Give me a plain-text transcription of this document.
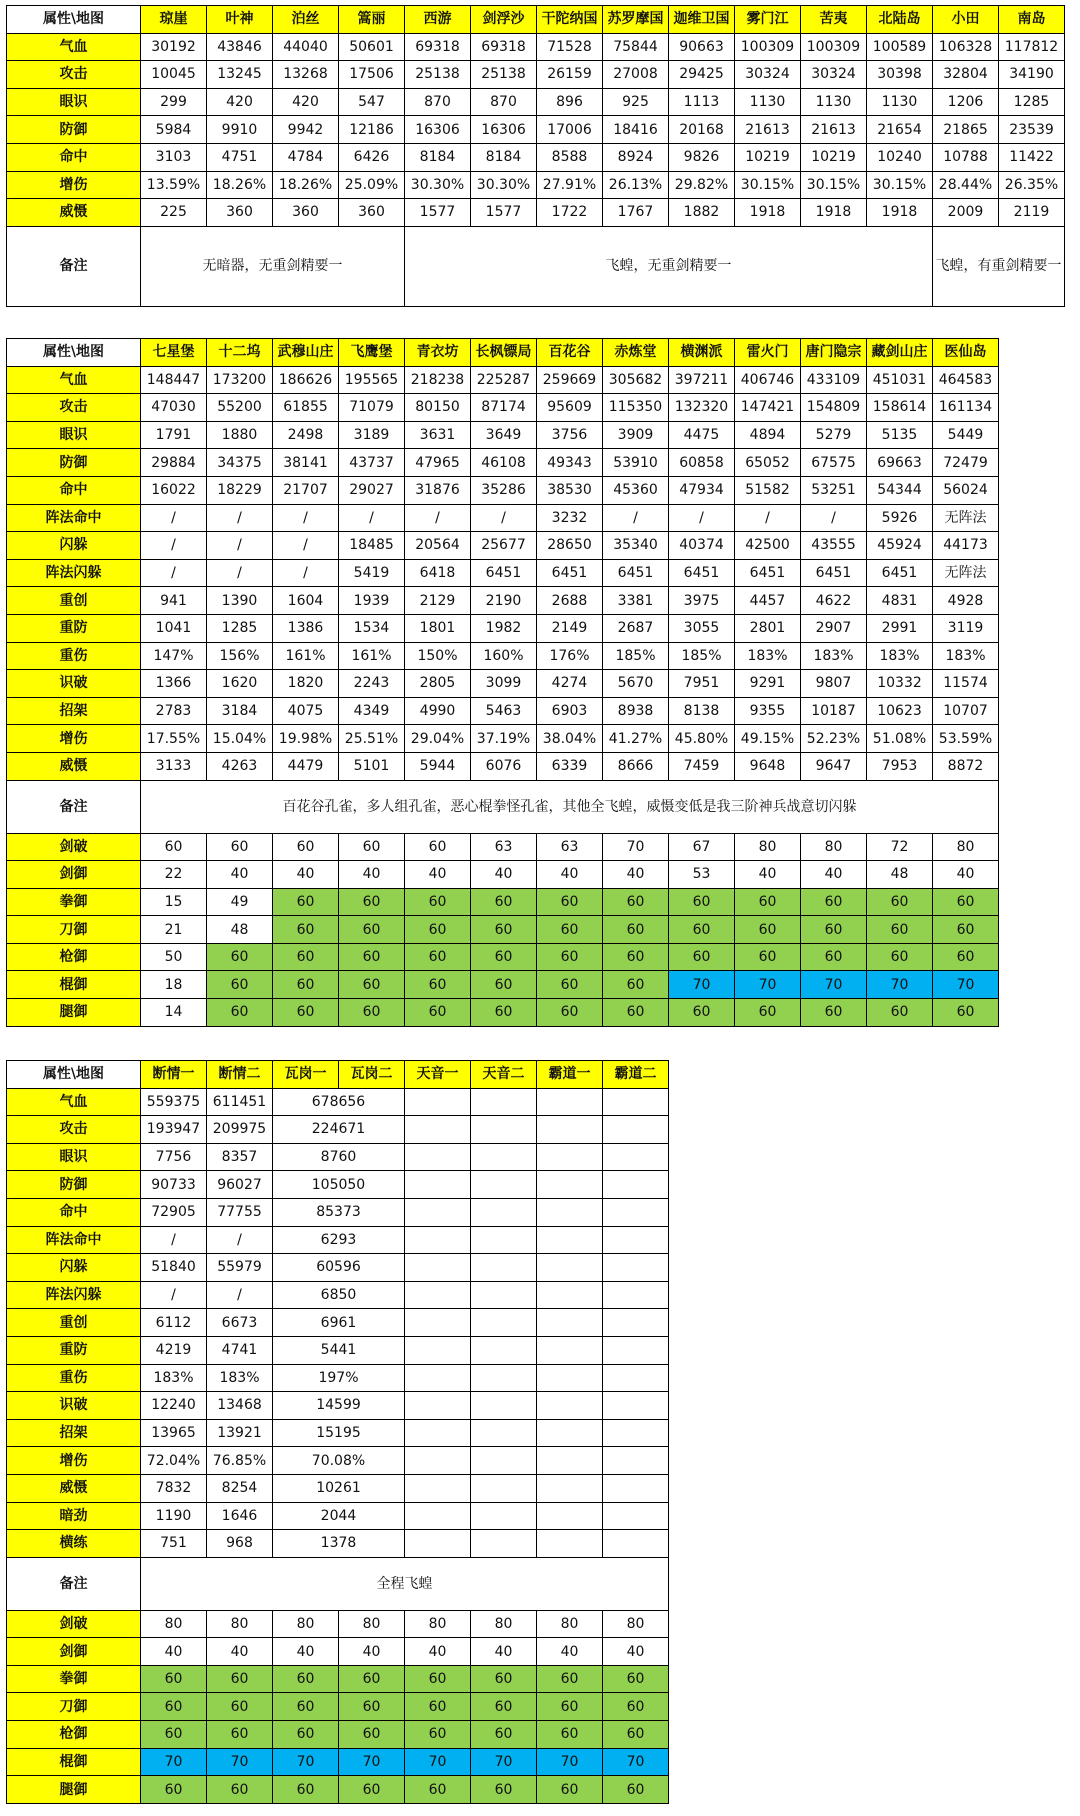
属性\地图	琼崖	叶神	泊丝	篙丽	西游	剑浮沙	干陀纳国	苏罗摩国	迦维卫国	雾门江	苦夷	北陆岛	小田	南岛
气血	30192	43846	44040	50601	69318	69318	71528	75844	90663	100309	100309	100589	106328	117812
攻击	10045	13245	13268	17506	25138	25138	26159	27008	29425	30324	30324	30398	32804	34190
眼识	299	420	420	547	870	870	896	925	1113	1130	1130	1130	1206	1285
防御	5984	9910	9942	12186	16306	16306	17006	18416	20168	21613	21613	21654	21865	23539
命中	3103	4751	4784	6426	8184	8184	8588	8924	9826	10219	10219	10240	10788	11422
增伤	13.59%	18.26%	18.26%	25.09%	30.30%	30.30%	27.91%	26.13%	29.82%	30.15%	30.15%	30.15%	28.44%	26.35%
威慑	225	360	360	360	1577	1577	1722	1767	1882	1918	1918	1918	2009	2119
备注	无暗器，无重剑精要一				飞蝗，无重剑精要一								飞蝗，有重剑精要一	
属性\地图	七星堡	十二坞	武穆山庄	飞鹰堡	青衣坊	长枫镖局	百花谷	赤炼堂	横渊派	雷火门	唐门隐宗	藏剑山庄	医仙岛
气血	148447	173200	186626	195565	218238	225287	259669	305682	397211	406746	433109	451031	464583
攻击	47030	55200	61855	71079	80150	87174	95609	115350	132320	147421	154809	158614	161134
眼识	1791	1880	2498	3189	3631	3649	3756	3909	4475	4894	5279	5135	5449
防御	29884	34375	38141	43737	47965	46108	49343	53910	60858	65052	67575	69663	72479
命中	16022	18229	21707	29027	31876	35286	38530	45360	47934	51582	53251	54344	56024
阵法命中	/	/	/	/	/	/	3232	/	/	/	/	5926	无阵法
闪躲	/	/	/	18485	20564	25677	28650	35340	40374	42500	43555	45924	44173
阵法闪躲	/	/	/	5419	6418	6451	6451	6451	6451	6451	6451	6451	无阵法
重创	941	1390	1604	1939	2129	2190	2688	3381	3975	4457	4622	4831	4928
重防	1041	1285	1386	1534	1801	1982	2149	2687	3055	2801	2907	2991	3119
重伤	147%	156%	161%	161%	150%	160%	176%	185%	185%	183%	183%	183%	183%
识破	1366	1620	1820	2243	2805	3099	4274	5670	7951	9291	9807	10332	11574
招架	2783	3184	4075	4349	4990	5463	6903	8938	8138	9355	10187	10623	10707
增伤	17.55%	15.04%	19.98%	25.51%	29.04%	37.19%	38.04%	41.27%	45.80%	49.15%	52.23%	51.08%	53.59%
威慑	3133	4263	4479	5101	5944	6076	6339	8666	7459	9648	9647	7953	8872
备注	百花谷孔雀，多人组孔雀，恶心棍拳怪孔雀，其他全飞蝗，威慑变低是我三阶神兵战意切闪躲												
剑破	60	60	60	60	60	63	63	70	67	80	80	72	80
剑御	22	40	40	40	40	40	40	40	53	40	40	48	40
拳御	15	49	60	60	60	60	60	60	60	60	60	60	60
刀御	21	48	60	60	60	60	60	60	60	60	60	60	60
枪御	50	60	60	60	60	60	60	60	60	60	60	60	60
棍御	18	60	60	60	60	60	60	60	70	70	70	70	70
腿御	14	60	60	60	60	60	60	60	60	60	60	60	60
属性\地图	断情一	断情二	瓦岗一	瓦岗二	天音一	天音二	霸道一	霸道二
气血	559375	611451	678656					
攻击	193947	209975	224671					
眼识	7756	8357	8760					
防御	90733	96027	105050					
命中	72905	77755	85373					
阵法命中	/	/	6293					
闪躲	51840	55979	60596					
阵法闪躲	/	/	6850					
重创	6112	6673	6961					
重防	4219	4741	5441					
重伤	183%	183%	197%					
识破	12240	13468	14599					
招架	13965	13921	15195					
增伤	72.04%	76.85%	70.08%					
威慑	7832	8254	10261					
暗劲	1190	1646	2044					
横练	751	968	1378					
备注	全程飞蝗							
剑破	80	80	80	80	80	80	80	80
剑御	40	40	40	40	40	40	40	40
拳御	60	60	60	60	60	60	60	60
刀御	60	60	60	60	60	60	60	60
枪御	60	60	60	60	60	60	60	60
棍御	70	70	70	70	70	70	70	70
腿御	60	60	60	60	60	60	60	60
